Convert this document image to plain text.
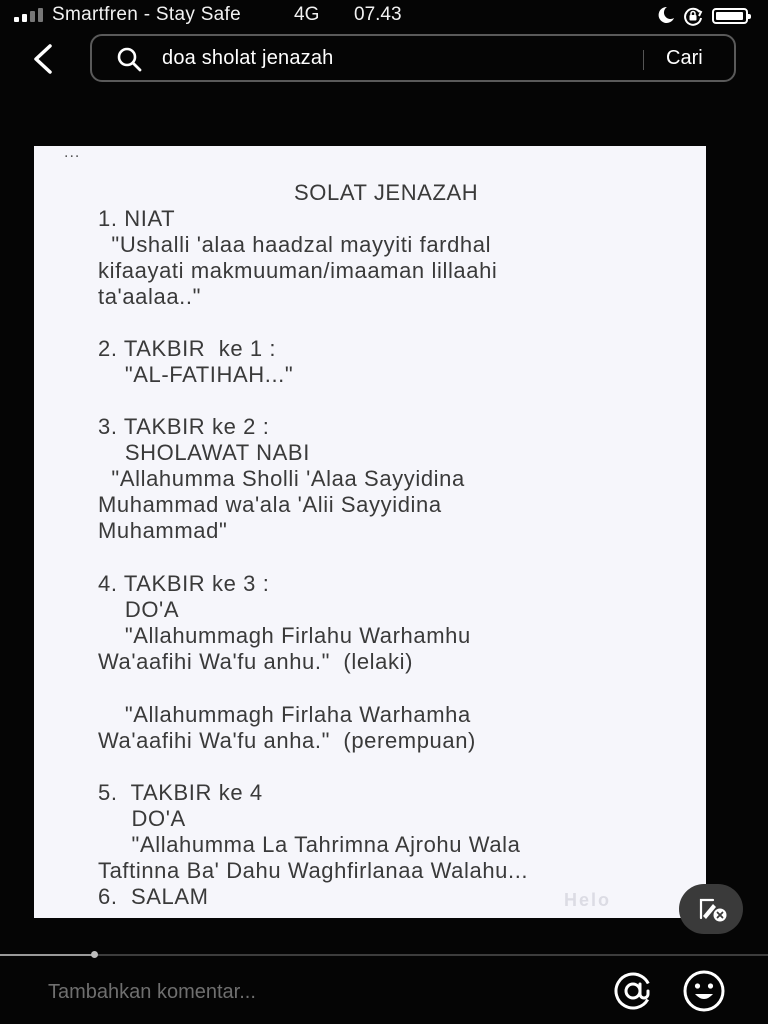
Smartfren - Stay Safe	4G 07.43
doa sholat jenazah	Cari
...
SOLAT JENAZAH
1. NIAT
"Ushalli 'alaa haadzal mayyiti fardhal
kifaayati makmuuman/imaaman lillaahi
ta'aalaa.."
2. TAKBIR  ke 1 :
"AL-FATIHAH..."
3. TAKBIR ke 2 :
SHOLAWAT NABI
"Allahumma Sholli 'Alaa Sayyidina
Muhammad wa'ala 'Alii Sayyidina
Muhammad"
4. TAKBIR ke 3 :
DO'A
"Allahummagh Firlahu Warhamhu
Wa'aafihi Wa'fu anhu."  (lelaki)
"Allahummagh Firlaha Warhamha
Wa'aafihi Wa'fu anha."  (perempuan)
5.  TAKBIR ke 4
DO'A
"Allahumma La Tahrimna Ajrohu Wala
Taftinna Ba' Dahu Waghfirlanaa Walahu...
6.  SALAM	Helo
Tambahkan komentar...
